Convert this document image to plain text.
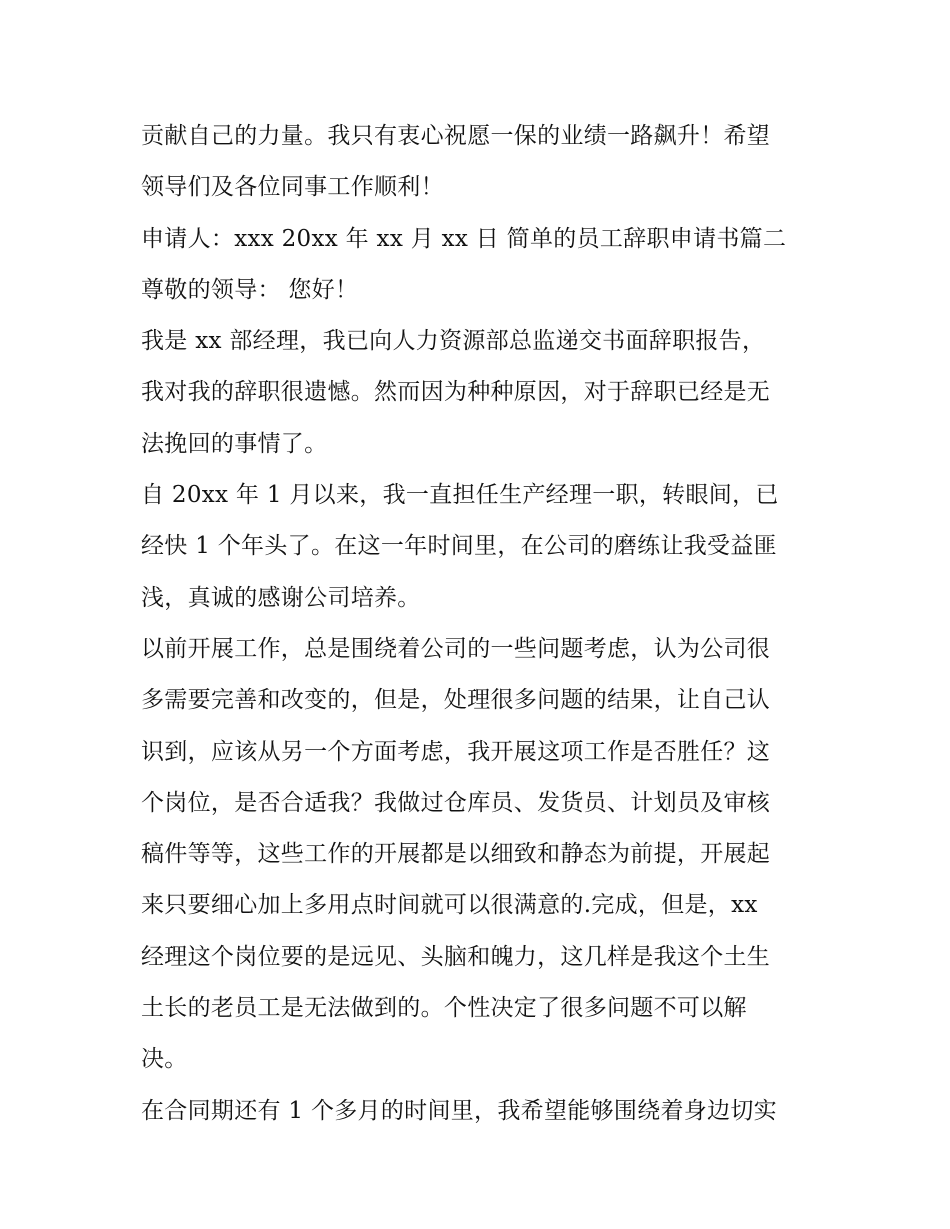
贡献自己的力量。我只有衷心祝愿一保的业绩一路飙升！希望
领导们及各位同事工作顺利！
申请人：xxx 20xx 年 xx 月 xx 日 简单的员工辞职申请书篇二
尊敬的领导： 您好！
我是 xx 部经理，我已向人力资源部总监递交书面辞职报告，
我对我的辞职很遗憾。然而因为种种原因，对于辞职已经是无
法挽回的事情了。
自 20xx 年 1 月以来，我一直担任生产经理一职，转眼间，已
经快 1 个年头了。在这一年时间里，在公司的磨练让我受益匪
浅，真诚的感谢公司培养。
以前开展工作，总是围绕着公司的一些问题考虑，认为公司很
多需要完善和改变的，但是，处理很多问题的结果，让自己认
识到，应该从另一个方面考虑，我开展这项工作是否胜任？这
个岗位，是否合适我？我做过仓库员、发货员、计划员及审核
稿件等等，这些工作的开展都是以细致和静态为前提，开展起
来只要细心加上多用点时间就可以很满意的.完成，但是，xx
经理这个岗位要的是远见、头脑和魄力，这几样是我这个土生
土长的老员工是无法做到的。个性决定了很多问题不可以解
决。
在合同期还有 1 个多月的时间里，我希望能够围绕着身边切实
